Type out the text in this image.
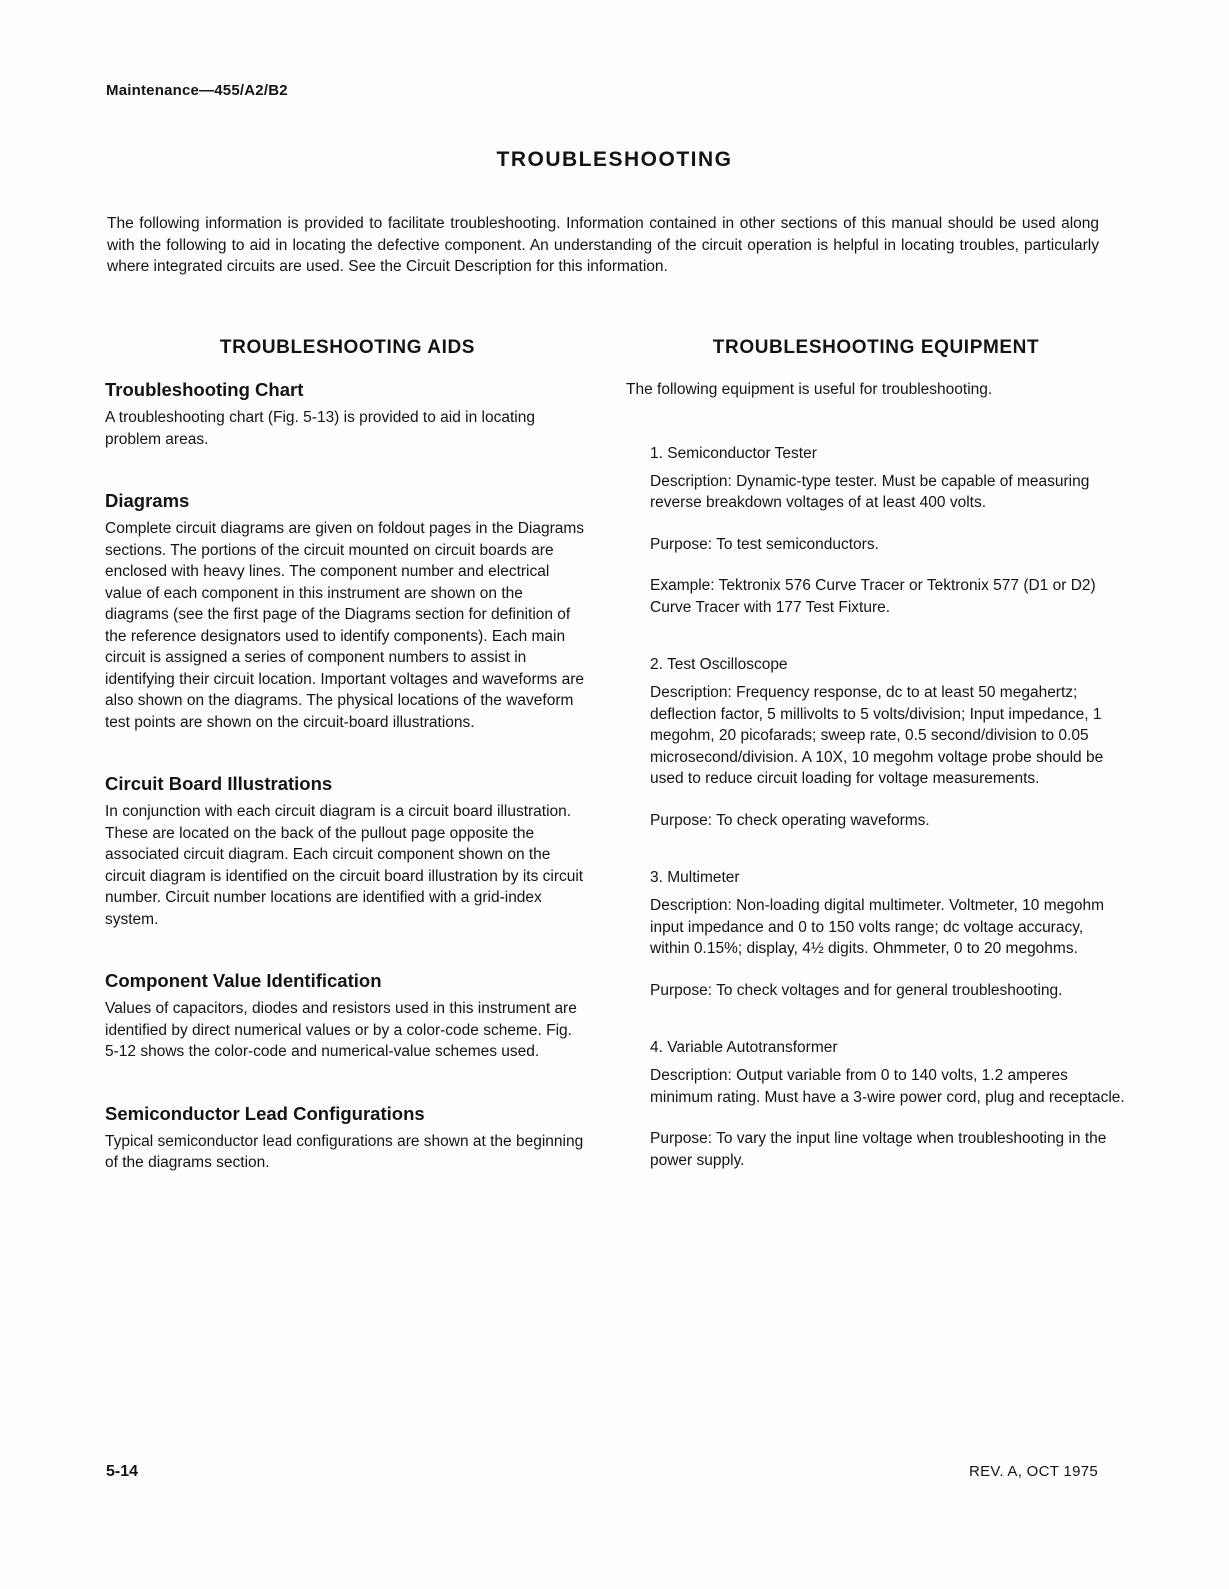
Maintenance—455/A2/B2
TROUBLESHOOTING

The following information is provided to facilitate troubleshooting. Information contained in other sections of this manual should be used along with the following to aid in locating the defective component. An understanding of the circuit operation is helpful in locating troubles, particularly where integrated circuits are used. See the Circuit Description for this information.

TROUBLESHOOTING AIDS
Troubleshooting Chart

A troubleshooting chart (Fig. 5-13) is provided to aid in locating problem areas.

Diagrams

Complete circuit diagrams are given on foldout pages in the Diagrams sections. The portions of the circuit mounted on circuit boards are enclosed with heavy lines. The component number and electrical value of each component in this instrument are shown on the diagrams (see the first page of the Diagrams section for definition of the reference designators used to identify components). Each main circuit is assigned a series of component numbers to assist in identifying their circuit location. Important voltages and waveforms are also shown on the diagrams. The physical locations of the waveform test points are shown on the circuit-board illustrations.

Circuit Board Illustrations

In conjunction with each circuit diagram is a circuit board illustration. These are located on the back of the pullout page opposite the associated circuit diagram. Each circuit component shown on the circuit diagram is identified on the circuit board illustration by its circuit number. Circuit number locations are identified with a grid-index system.

Component Value Identification

Values of capacitors, diodes and resistors used in this instrument are identified by direct numerical values or by a color-code scheme. Fig. 5-12 shows the color-code and numerical-value schemes used.

Semiconductor Lead Configurations

Typical semiconductor lead configurations are shown at the beginning of the diagrams section.

TROUBLESHOOTING EQUIPMENT

The following equipment is useful for troubleshooting.

1. Semiconductor Tester

Description: Dynamic-type tester. Must be capable of measuring reverse breakdown voltages of at least 400 volts.

Purpose: To test semiconductors.

Example: Tektronix 576 Curve Tracer or Tektronix 577 (D1 or D2) Curve Tracer with 177 Test Fixture.

2. Test Oscilloscope

Description: Frequency response, dc to at least 50 megahertz; deflection factor, 5 millivolts to 5 volts/division; Input impedance, 1 megohm, 20 picofarads; sweep rate, 0.5 second/division to 0.05 microsecond/division. A 10X, 10 megohm voltage probe should be used to reduce circuit loading for voltage measurements.

Purpose: To check operating waveforms.

3. Multimeter

Description: Non-loading digital multimeter. Voltmeter, 10 megohm input impedance and 0 to 150 volts range; dc voltage accuracy, within 0.15%; display, 4½ digits. Ohmmeter, 0 to 20 megohms.

Purpose: To check voltages and for general troubleshooting.

4. Variable Autotransformer

Description: Output variable from 0 to 140 volts, 1.2 amperes minimum rating. Must have a 3-wire power cord, plug and receptacle.

Purpose: To vary the input line voltage when troubleshooting in the power supply.

5-14	REV. A, OCT 1975
